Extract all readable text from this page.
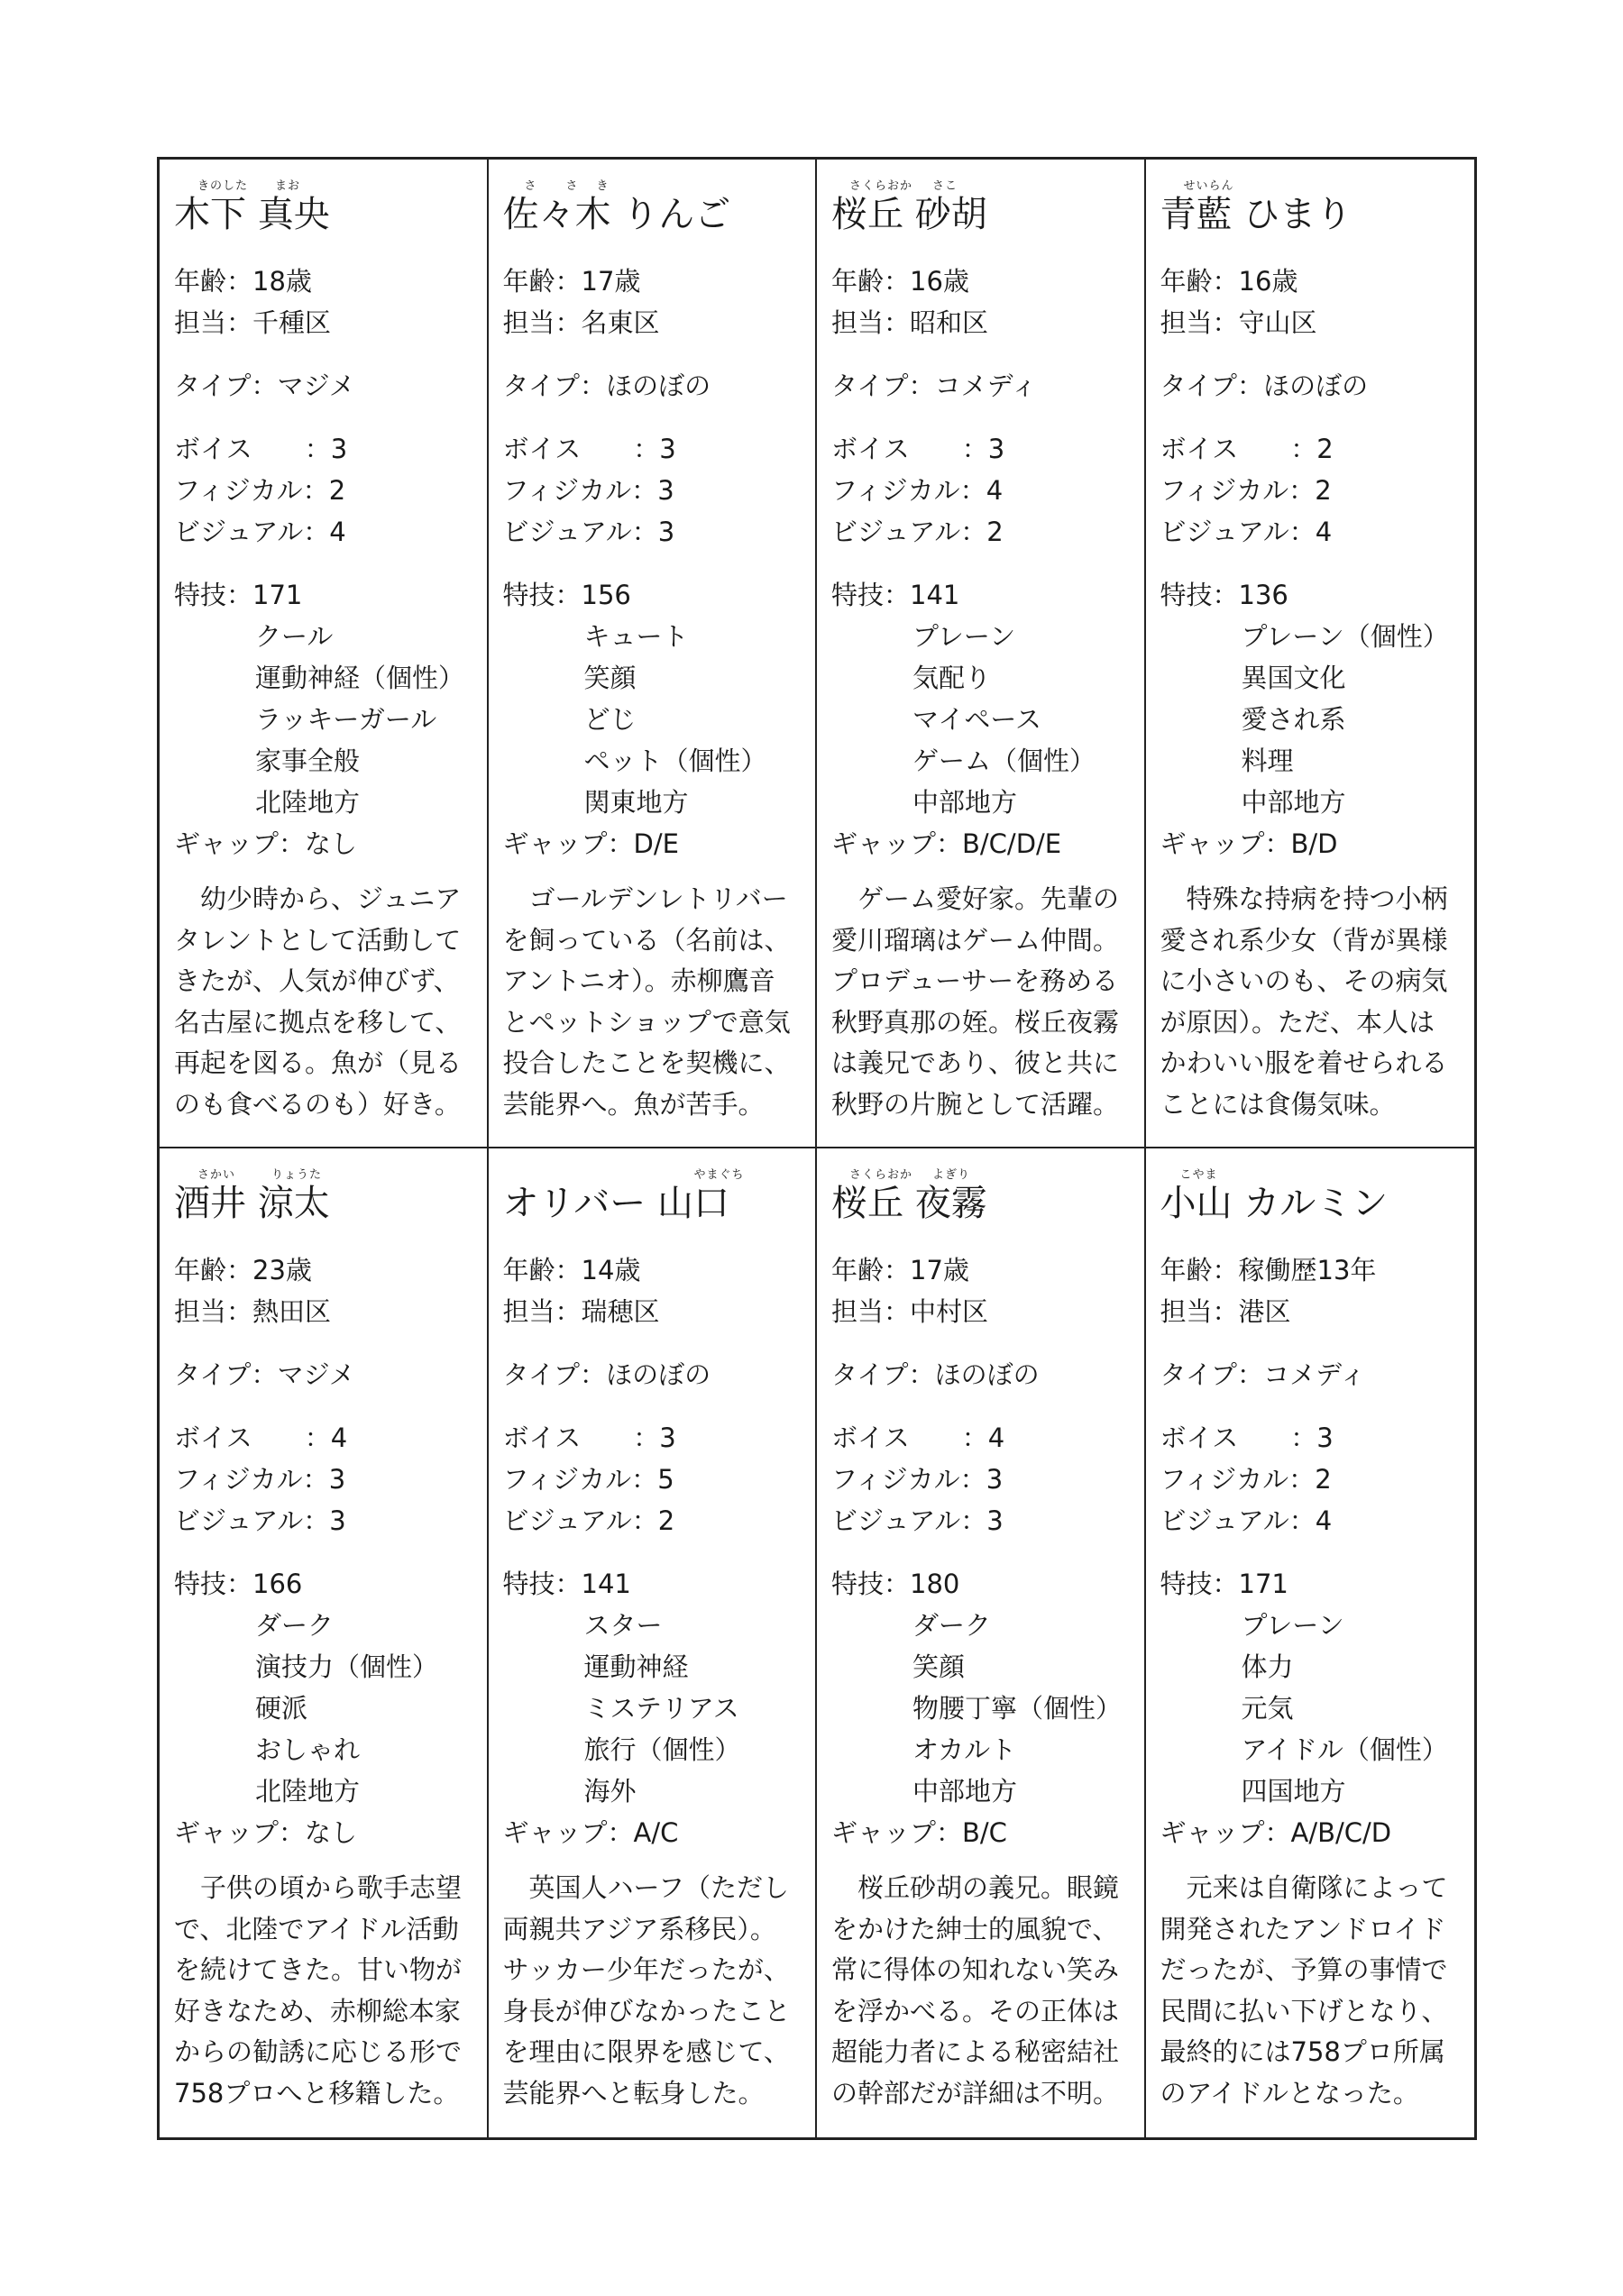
きのした まお
木下 真央
年齢：18歳
担当：千種区
タイプ：マジメ
ボイス　　：3
フィジカル：2
ビジュアル：4
特技：171
クール
運動神経（個性）
ラッキーガール
家事全般
北陸地方
ギャップ：なし
幼少時から、ジュニアタレントとして活動してきたが、人気が伸びず、名古屋に拠点を移して、再起を図る。魚が（見るのも食べるのも）好き。
さ さ き
佐々木 りんご
年齢：17歳
担当：名東区
タイプ：ほのぼの
ボイス　　：3
フィジカル：3
ビジュアル：3
特技：156
キュート
笑顔
どじ
ペット（個性）
関東地方
ギャップ：D/E
ゴールデンレトリバーを飼っている（名前は、アントニオ）。赤柳鷹音とペットショップで意気投合したことを契機に、芸能界へ。魚が苦手。
さくらおか さこ
桜丘 砂胡
年齢：16歳
担当：昭和区
タイプ：コメディ
ボイス　　：3
フィジカル：4
ビジュアル：2
特技：141
プレーン
気配り
マイペース
ゲーム（個性）
中部地方
ギャップ：B/C/D/E
ゲーム愛好家。先輩の愛川瑠璃はゲーム仲間。プロデューサーを務める秋野真那の姪。桜丘夜霧は義兄であり、彼と共に秋野の片腕として活躍。
せいらん
青藍 ひまり
年齢：16歳
担当：守山区
タイプ：ほのぼの
ボイス　　：2
フィジカル：2
ビジュアル：4
特技：136
プレーン（個性）
異国文化
愛され系
料理
中部地方
ギャップ：B/D
特殊な持病を持つ小柄愛され系少女（背が異様に小さいのも、その病気が原因）。ただ、本人はかわいい服を着せられることには食傷気味。
さかい	りょうた
酒井 涼太
年齢：23歳
担当：熱田区
タイプ：マジメ
ボイス　　：4
フィジカル：3
ビジュアル：3
特技：166
ダーク
演技力（個性）
硬派
おしゃれ
北陸地方
ギャップ：なし
子供の頃から歌手志望で、北陸でアイドル活動を続けてきた。甘い物が好きなため、赤柳総本家からの勧誘に応じる形で758プロへと移籍した。
やまぐち
オリバー 山口
年齢：14歳
担当：瑞穂区
タイプ：ほのぼの
ボイス　　：3
フィジカル：5
ビジュアル：2
特技：141
スター
運動神経
ミステリアス
旅行（個性）
海外
ギャップ：A/C
英国人ハーフ（ただし両親共アジア系移民）。サッカー少年だったが、身長が伸びなかったことを理由に限界を感じて、芸能界へと転身した。
さくらおか よぎり
桜丘 夜霧
年齢：17歳
担当：中村区
タイプ：ほのぼの
ボイス　　：4
フィジカル：3
ビジュアル：3
特技：180
ダーク
笑顔
物腰丁寧（個性）
オカルト
中部地方
ギャップ：B/C
桜丘砂胡の義兄。眼鏡をかけた紳士的風貌で、常に得体の知れない笑みを浮かべる。その正体は超能力者による秘密結社の幹部だが詳細は不明。
こやま
小山 カルミン
年齢：稼働歴13年
担当：港区
タイプ：コメディ
ボイス　　：3
フィジカル：2
ビジュアル：4
特技：171
プレーン
体力
元気
アイドル（個性）
四国地方
ギャップ：A/B/C/D
元来は自衛隊によって開発されたアンドロイドだったが、予算の事情で民間に払い下げとなり、最終的には758プロ所属のアイドルとなった。
